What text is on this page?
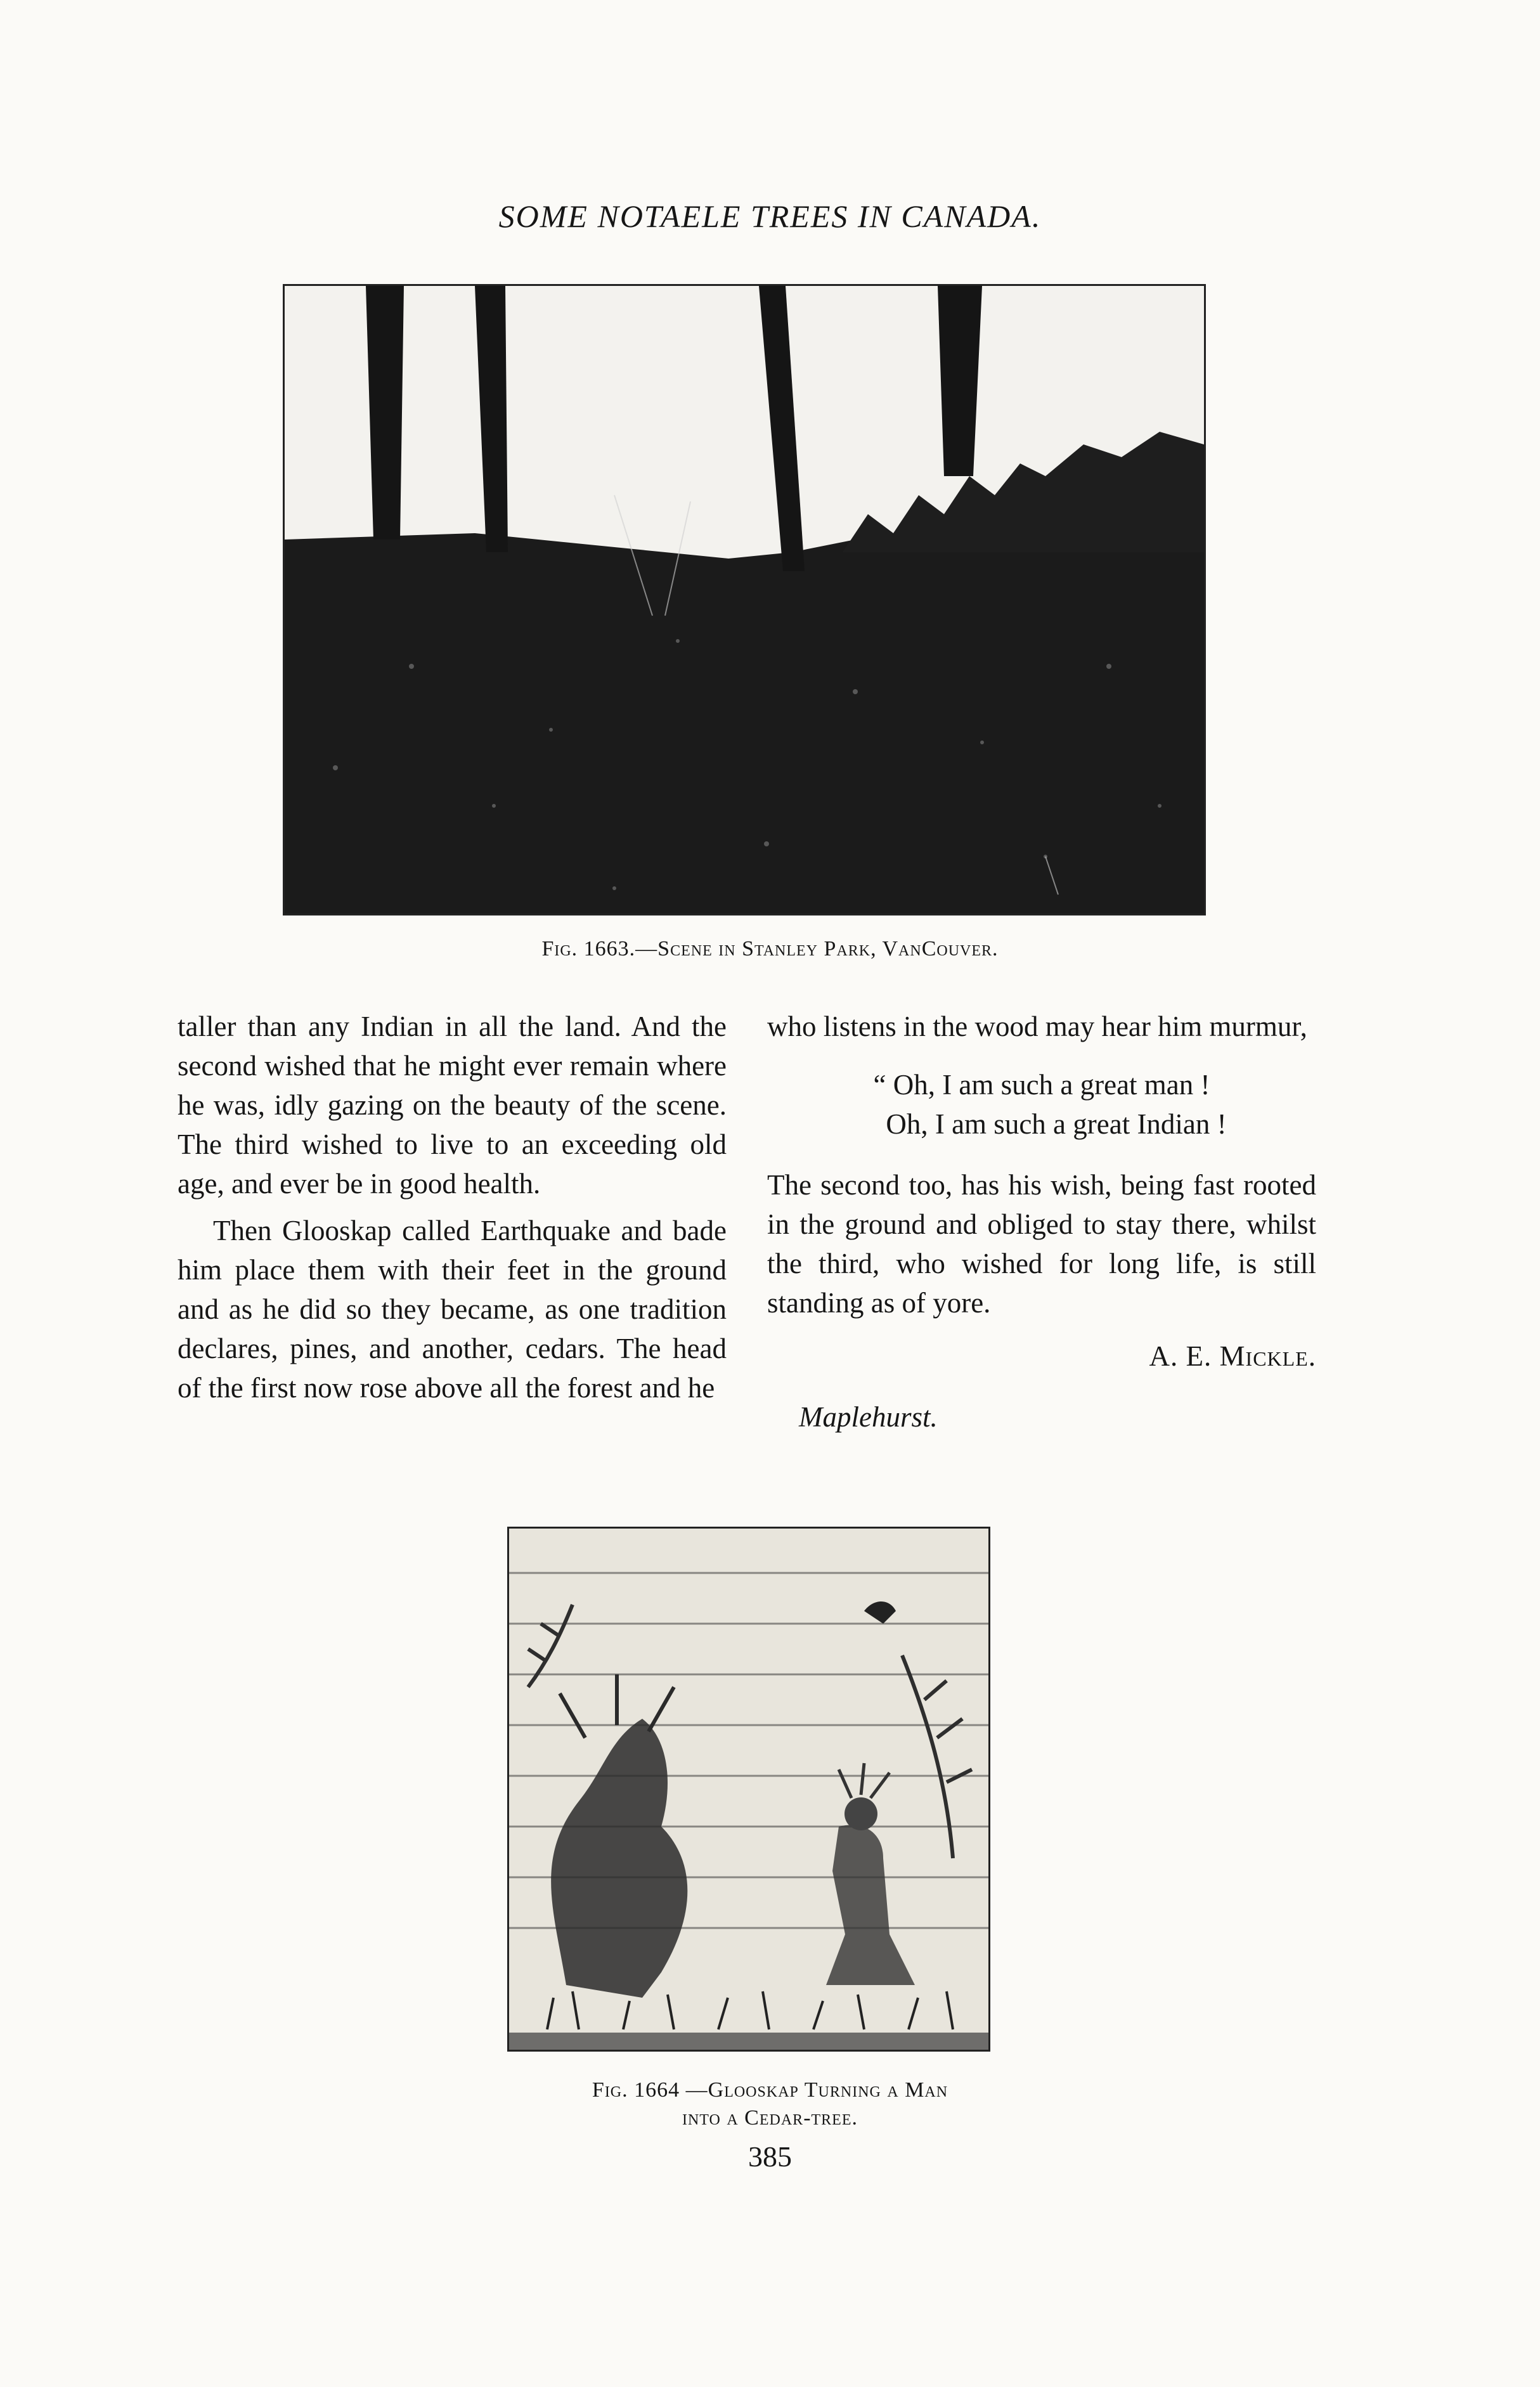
SOME NOTAELE TREES IN CANADA.
Fig. 1663.—Scene in Stanley Park, VanCouver.

taller than any Indian in all the land. And the second wished that he might ever remain where he was, idly gazing on the beauty of the scene. The third wished to live to an exceeding old age, and ever be in good health.

Then Glooskap called Earthquake and bade him place them with their feet in the ground and as he did so they became, as one tradition declares, pines, and another, cedars. The head of the first now rose above all the forest and he

who listens in the wood may hear him murmur,

“ Oh, I am such a great man !
Oh, I am such a great Indian !

The second too, has his wish, being fast rooted in the ground and obliged to stay there, whilst the third, who wished for long life, is still standing as of yore.

A. E. Mickle.

Maplehurst.

Fig. 1664 —Glooskap Turning a Man
into a Cedar-tree.
385
